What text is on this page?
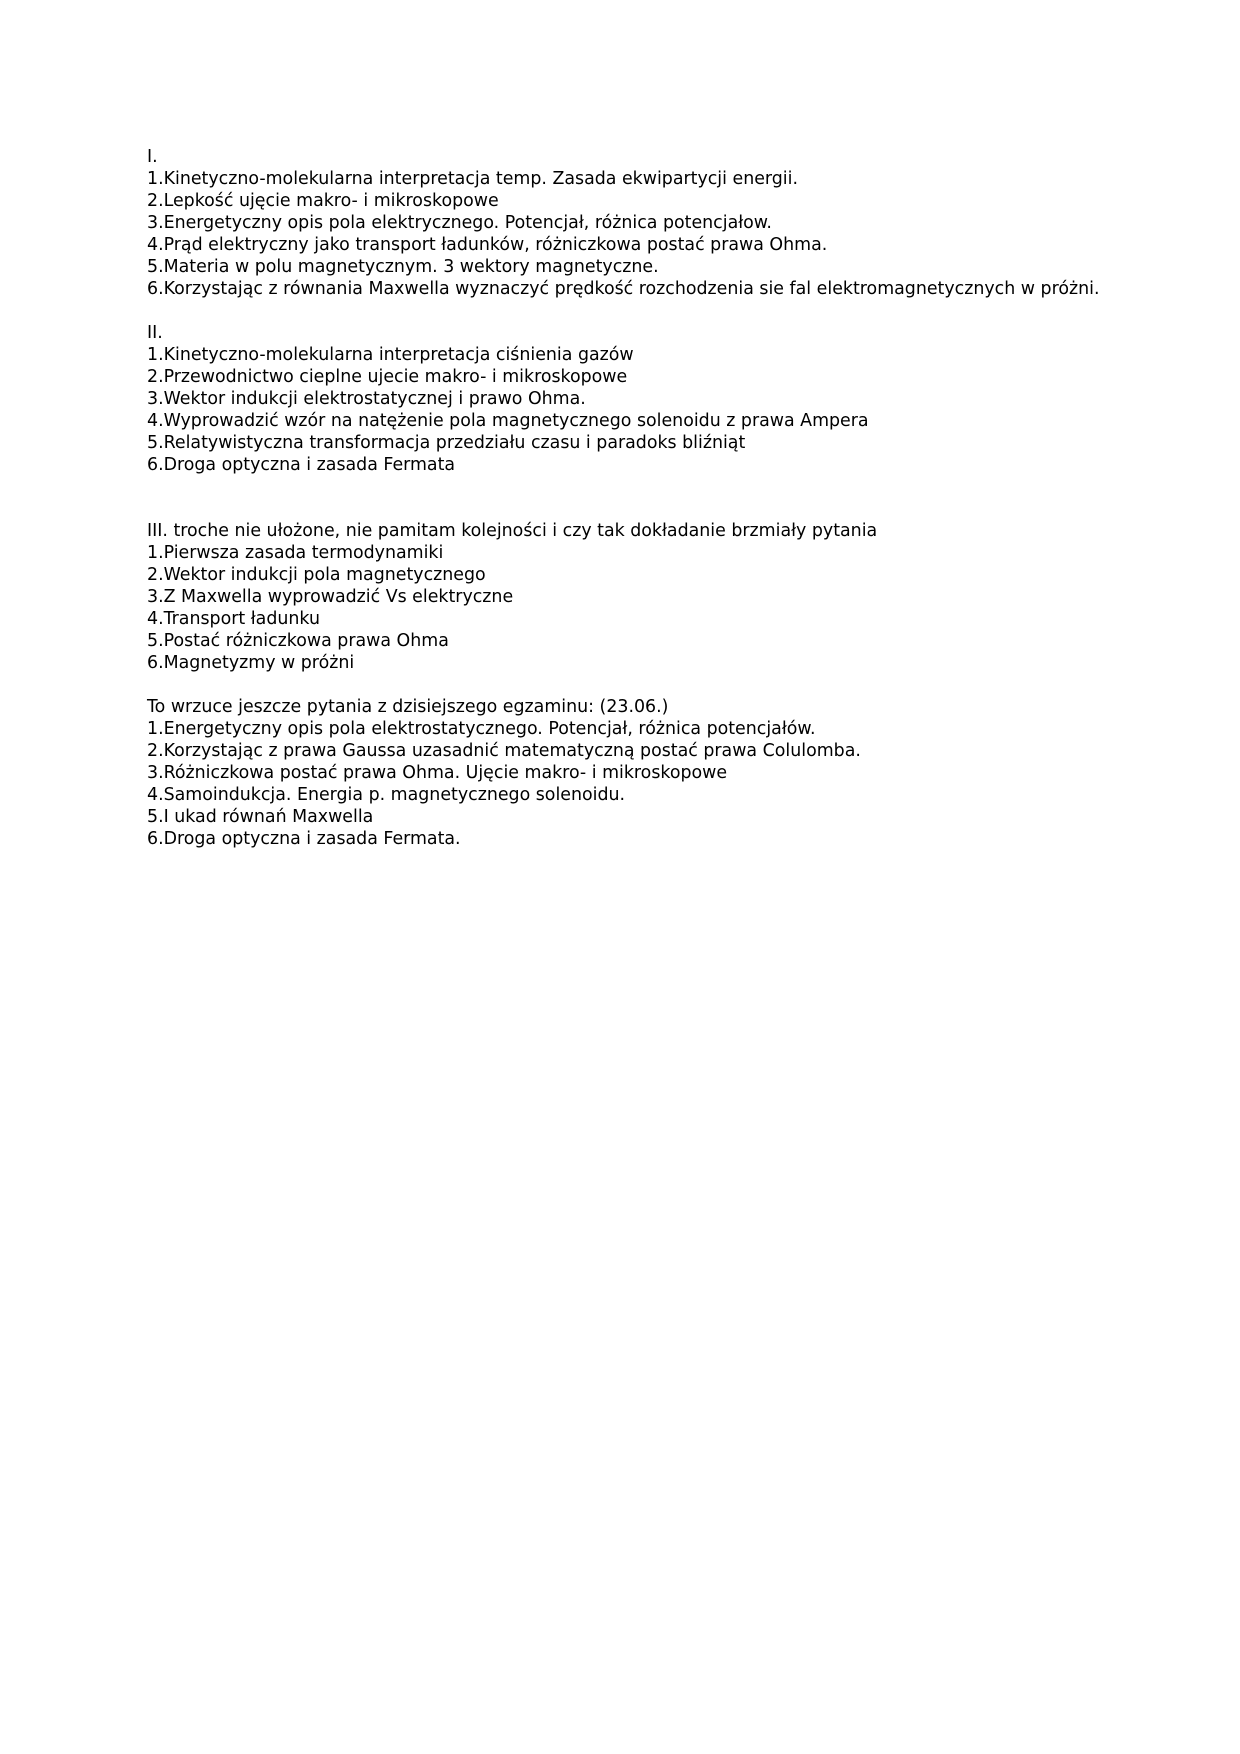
I.
1.Kinetyczno-molekularna interpretacja temp. Zasada ekwipartycji energii.
2.Lepkość ujęcie makro- i mikroskopowe
3.Energetyczny opis pola elektrycznego. Potencjał, różnica potencjałow.
4.Prąd elektryczny jako transport ładunków, różniczkowa postać prawa Ohma.
5.Materia w polu magnetycznym. 3 wektory magnetyczne.
6.Korzystając z równania Maxwella wyznaczyć prędkość rozchodzenia sie fal elektromagnetycznych w próżni.
II.
1.Kinetyczno-molekularna interpretacja ciśnienia gazów
2.Przewodnictwo cieplne ujecie makro- i mikroskopowe
3.Wektor indukcji elektrostatycznej i prawo Ohma.
4.Wyprowadzić wzór na natężenie pola magnetycznego solenoidu z prawa Ampera
5.Relatywistyczna transformacja przedziału czasu i paradoks bliźniąt
6.Droga optyczna i zasada Fermata
III. troche nie ułożone, nie pamitam kolejności i czy tak dokładanie brzmiały pytania
1.Pierwsza zasada termodynamiki
2.Wektor indukcji pola magnetycznego
3.Z Maxwella wyprowadzić Vs elektryczne
4.Transport ładunku
5.Postać różniczkowa prawa Ohma
6.Magnetyzmy w próżni
To wrzuce jeszcze pytania z dzisiejszego egzaminu: (23.06.)
1.Energetyczny opis pola elektrostatycznego. Potencjał, różnica potencjałów.
2.Korzystając z prawa Gaussa uzasadnić matematyczną postać prawa Colulomba.
3.Różniczkowa postać prawa Ohma. Ujęcie makro- i mikroskopowe
4.Samoindukcja. Energia p. magnetycznego solenoidu.
5.I ukad równań Maxwella
6.Droga optyczna i zasada Fermata.
